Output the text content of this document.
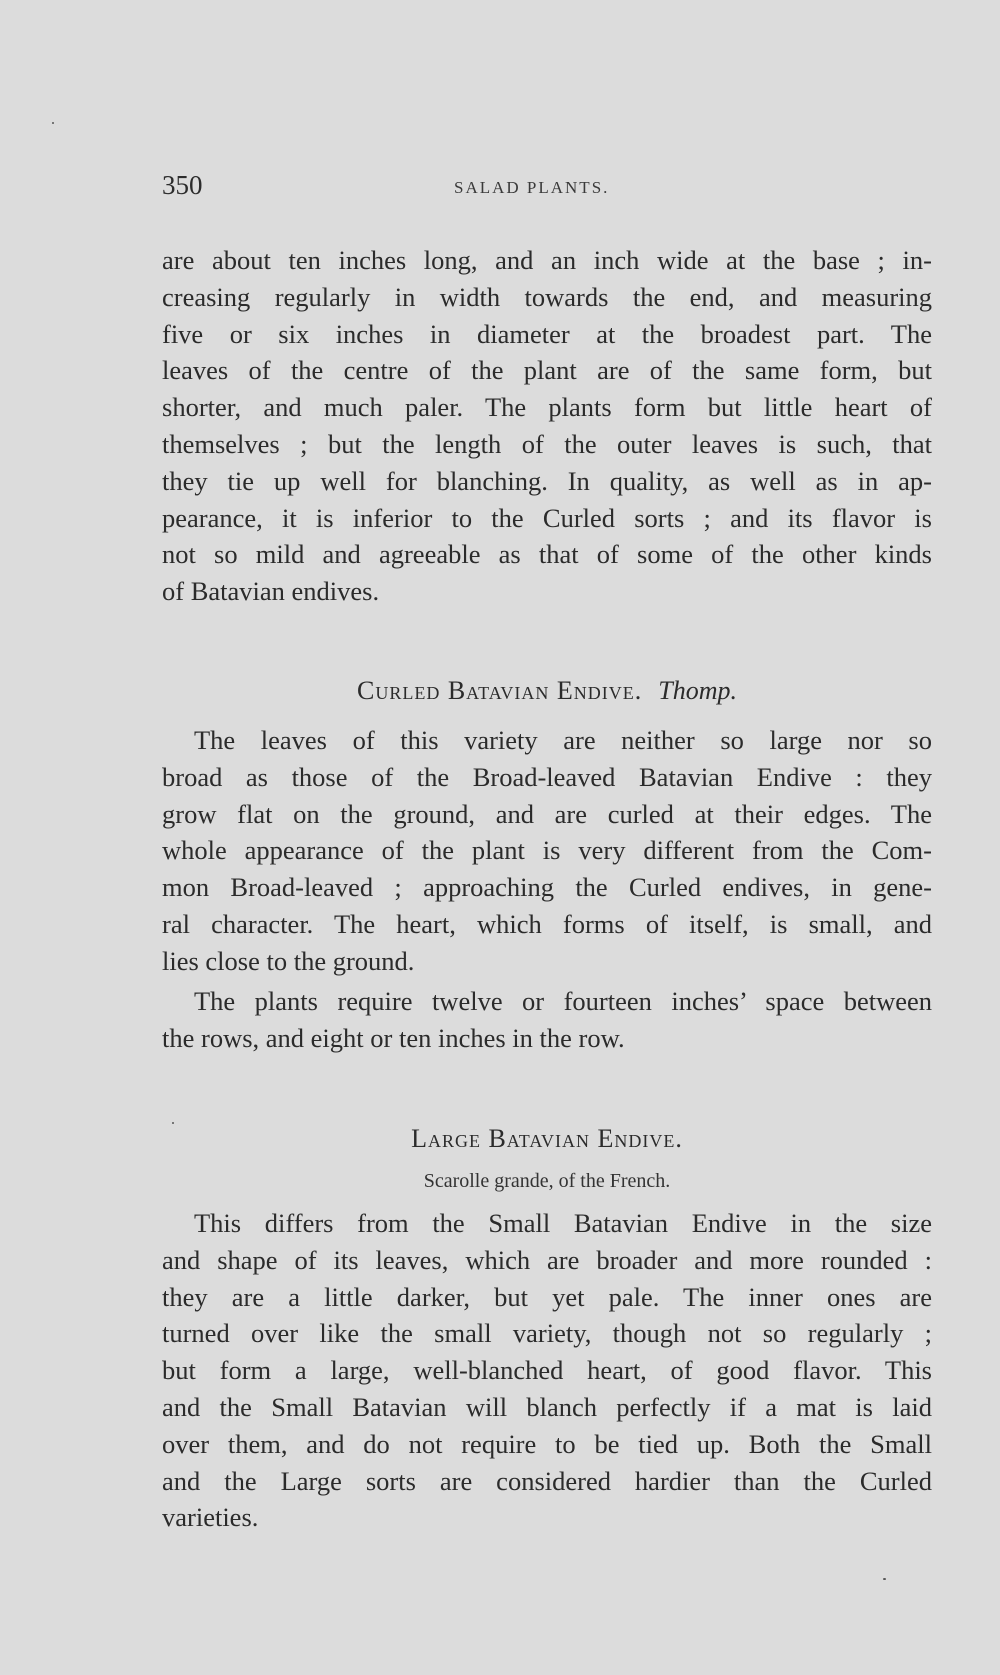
350	SALAD PLANTS.

are about ten inches long, and an inch wide at the base ; in-
creasing regularly in width towards the end, and measuring
five or six inches in diameter at the broadest part. The
leaves of the centre of the plant are of the same form, but
shorter, and much paler. The plants form but little heart of
themselves ; but the length of the outer leaves is such, that
they tie up well for blanching. In quality, as well as in ap-
pearance, it is inferior to the Curled sorts ; and its flavor is
not so mild and agreeable as that of some of the other kinds
of Batavian endives.

Curled Batavian Endive. Thomp.

The leaves of this variety are neither so large nor so
broad as those of the Broad-leaved Batavian Endive : they
grow flat on the ground, and are curled at their edges. The
whole appearance of the plant is very different from the Com-
mon Broad-leaved ; approaching the Curled endives, in gene-
ral character. The heart, which forms of itself, is small, and
lies close to the ground.

The plants require twelve or fourteen inches’ space between
the rows, and eight or ten inches in the row.

Large Batavian Endive.
Scarolle grande, of the French.

This differs from the Small Batavian Endive in the size
and shape of its leaves, which are broader and more rounded :
they are a little darker, but yet pale. The inner ones are
turned over like the small variety, though not so regularly ;
but form a large, well-blanched heart, of good flavor. This
and the Small Batavian will blanch perfectly if a mat is laid
over them, and do not require to be tied up. Both the Small
and the Large sorts are considered hardier than the Curled
varieties.
